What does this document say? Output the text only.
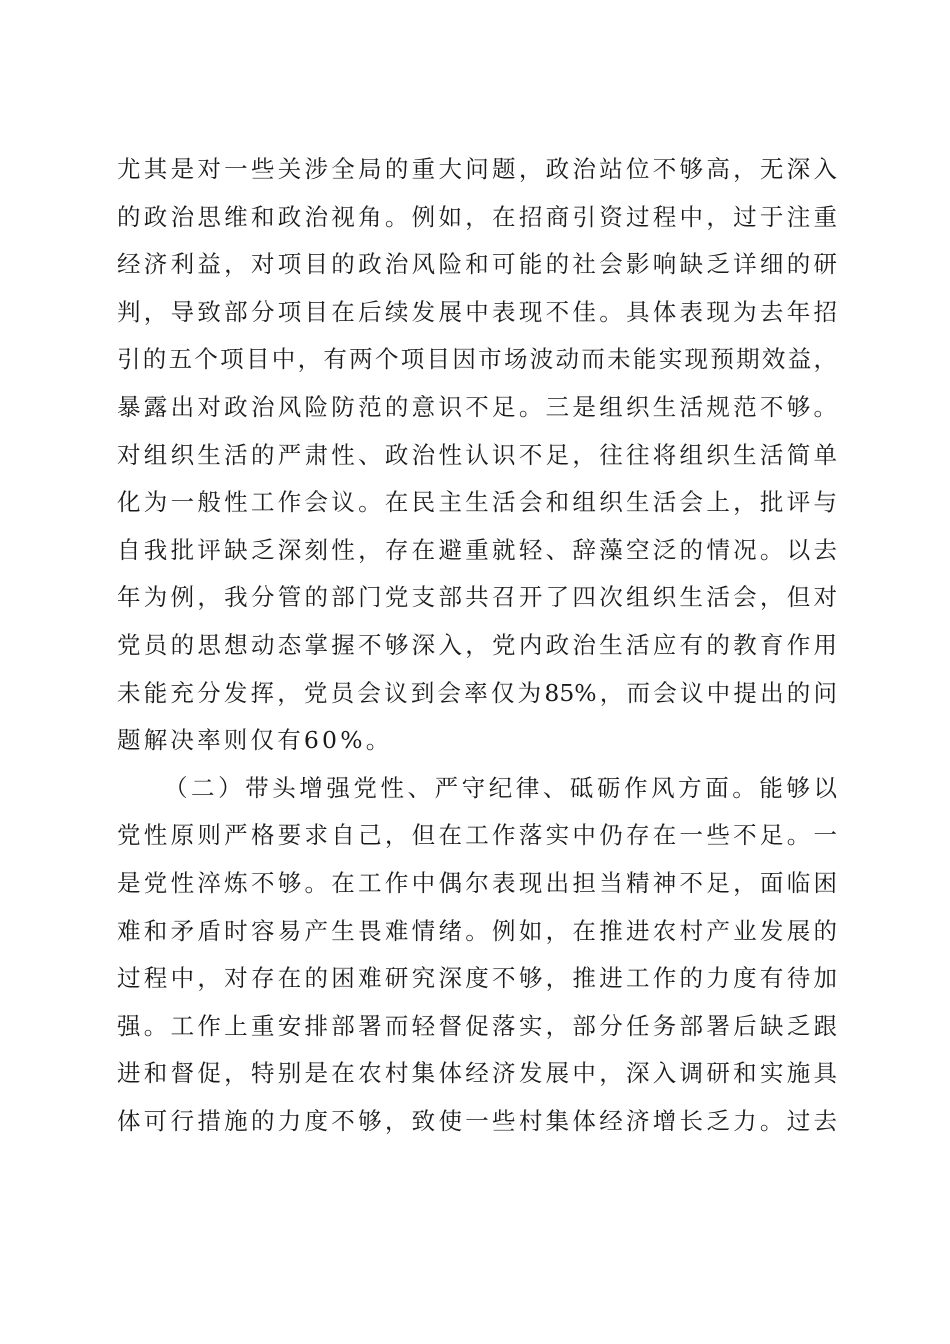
尤其是对一些关涉全局的重大问题，政治站位不够高，无深入
的政治思维和政治视角。例如，在招商引资过程中，过于注重
经济利益，对项目的政治风险和可能的社会影响缺乏详细的研
判，导致部分项目在后续发展中表现不佳。具体表现为去年招
引的五个项目中，有两个项目因市场波动而未能实现预期效益，
暴露出对政治风险防范的意识不足。三是组织生活规范不够。
对组织生活的严肃性、政治性认识不足，往往将组织生活简单
化为一般性工作会议。在民主生活会和组织生活会上，批评与
自我批评缺乏深刻性，存在避重就轻、辞藻空泛的情况。以去
年为例，我分管的部门党支部共召开了四次组织生活会，但对
党员的思想动态掌握不够深入，党内政治生活应有的教育作用
未能充分发挥，党员会议到会率仅为85%，而会议中提出的问
题解决率则仅有60%。
（二）带头增强党性、严守纪律、砥砺作风方面。能够以
党性原则严格要求自己，但在工作落实中仍存在一些不足。一
是党性淬炼不够。在工作中偶尔表现出担当精神不足，面临困
难和矛盾时容易产生畏难情绪。例如，在推进农村产业发展的
过程中，对存在的困难研究深度不够，推进工作的力度有待加
强。工作上重安排部署而轻督促落实，部分任务部署后缺乏跟
进和督促，特别是在农村集体经济发展中，深入调研和实施具
体可行措施的力度不够，致使一些村集体经济增长乏力。过去
